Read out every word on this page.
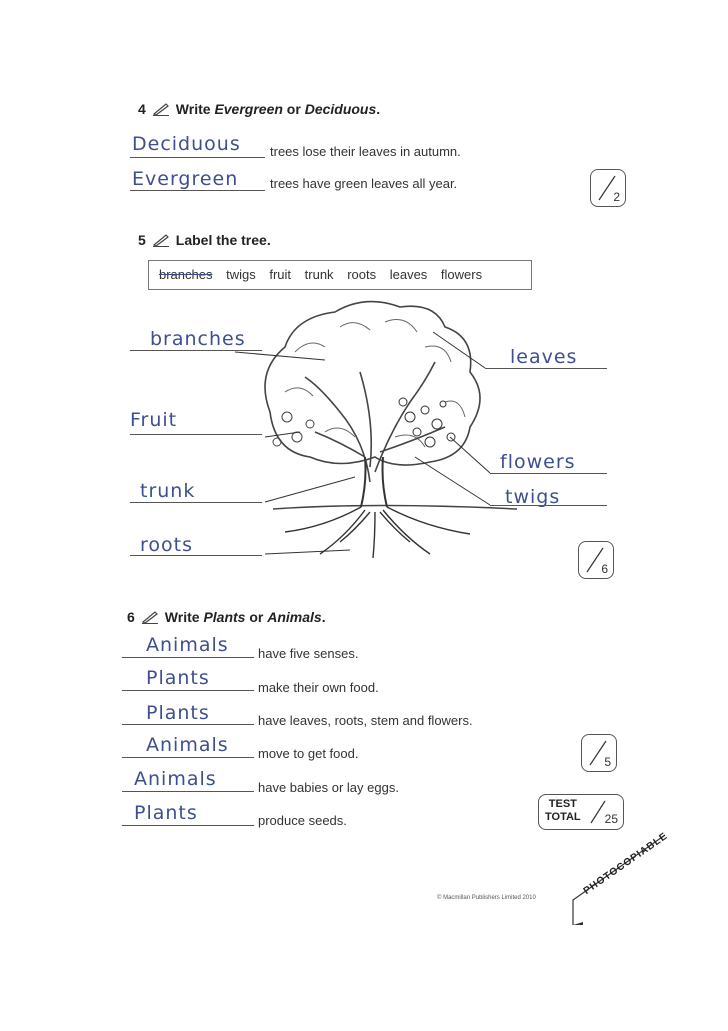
4 Write Evergreen or Deciduous.
Deciduous trees lose their leaves in autumn.
Evergreen trees have green leaves all year.
2
5 Label the tree.
branches twigs fruit trunk roots leaves flowers
branches
Fruit
trunk
roots
leaves
flowers
twigs
6
6 Write Plants or Animals.
Animals have five senses.
Plants	make their own food.
Plants	have leaves, roots, stem and flowers.
Animals move to get food.
Animals	have babies or lay eggs.
Plants	produce seeds.
5
TEST
TOTAL 25
© Macmillan Publishers Limited 2010
PHOTOCOPIABLE
